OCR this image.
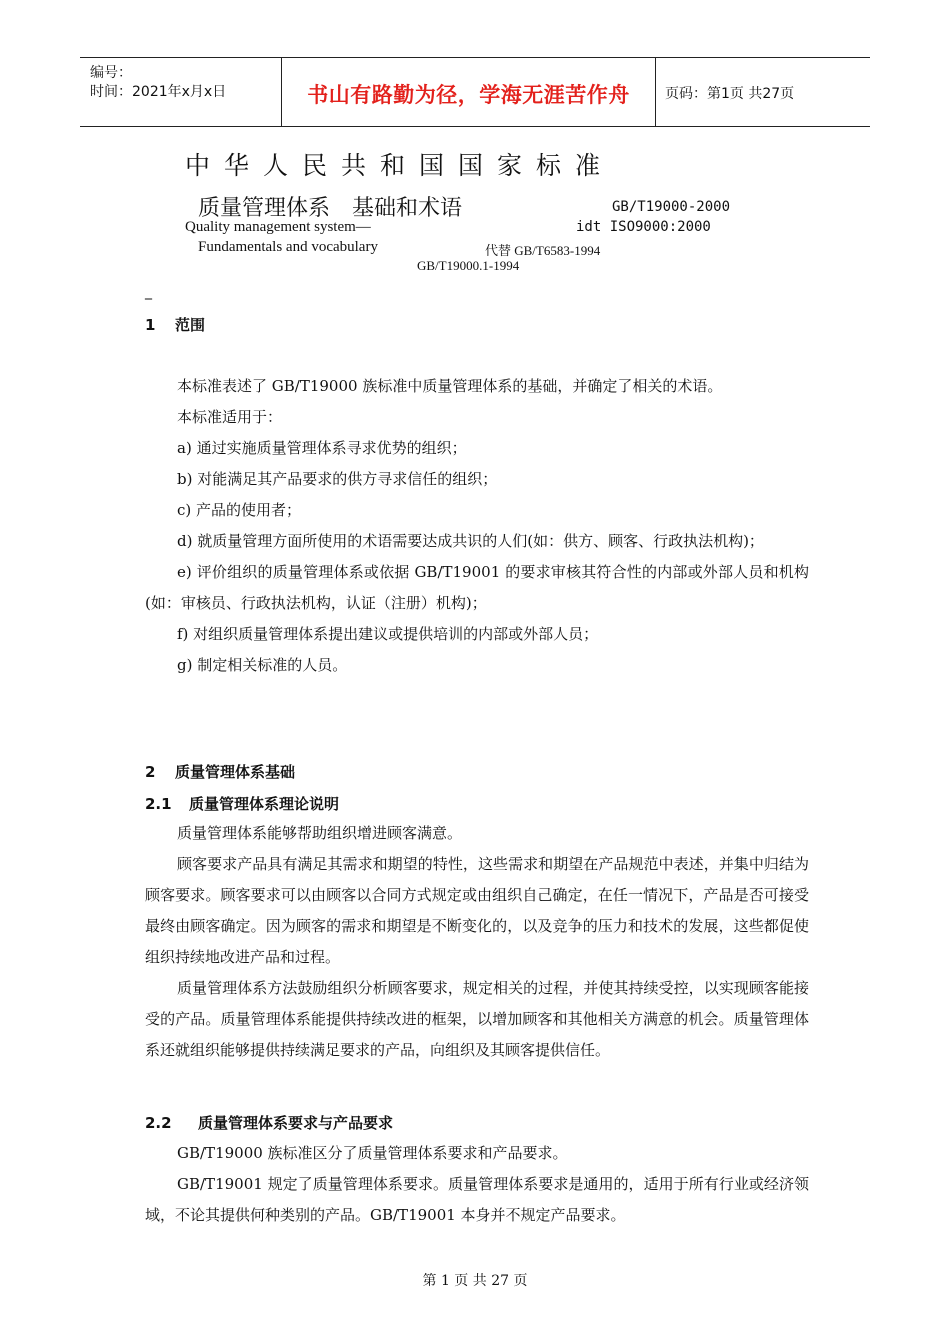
编号：
时间：2021年x月x日	书山有路勤为径，学海无涯苦作舟	页码：第1页 共27页
中华人民共和国国家标准
质量管理体系 基础和术语	GB/T19000-2000
Quality management system—	idt ISO9000:2000
Fundamentals and vocabulary	代替 GB/T6583-1994
GB/T19000.1-1994
_
1 范围

本标准表述了 GB/T19000 族标准中质量管理体系的基础，并确定了相关的术语。

本标准适用于：

a) 通过实施质量管理体系寻求优势的组织；

b) 对能满足其产品要求的供方寻求信任的组织；

c) 产品的使用者；

d) 就质量管理方面所使用的术语需要达成共识的人们(如：供方、顾客、行政执法机构)；

e) 评价组织的质量管理体系或依据 GB/T19001 的要求审核其符合性的内部或外部人员和机构(如：审核员、行政执法机构，认证（注册）机构)；

f) 对组织质量管理体系提出建议或提供培训的内部或外部人员；

g) 制定相关标准的人员。

2 质量管理体系基础
2.1 质量管理体系理论说明

质量管理体系能够帮助组织增进顾客满意。

顾客要求产品具有满足其需求和期望的特性，这些需求和期望在产品规范中表述，并集中归结为顾客要求。顾客要求可以由顾客以合同方式规定或由组织自己确定，在任一情况下，产品是否可接受最终由顾客确定。因为顾客的需求和期望是不断变化的，以及竞争的压力和技术的发展，这些都促使组织持续地改进产品和过程。

质量管理体系方法鼓励组织分析顾客要求，规定相关的过程，并使其持续受控，以实现顾客能接受的产品。质量管理体系能提供持续改进的框架，以增加顾客和其他相关方满意的机会。质量管理体系还就组织能够提供持续满足要求的产品，向组织及其顾客提供信任。

2.2 质量管理体系要求与产品要求

GB/T19000 族标准区分了质量管理体系要求和产品要求。

GB/T19001 规定了质量管理体系要求。质量管理体系要求是通用的，适用于所有行业或经济领域，不论其提供何种类别的产品。GB/T19001 本身并不规定产品要求。

第 1 页 共 27 页
